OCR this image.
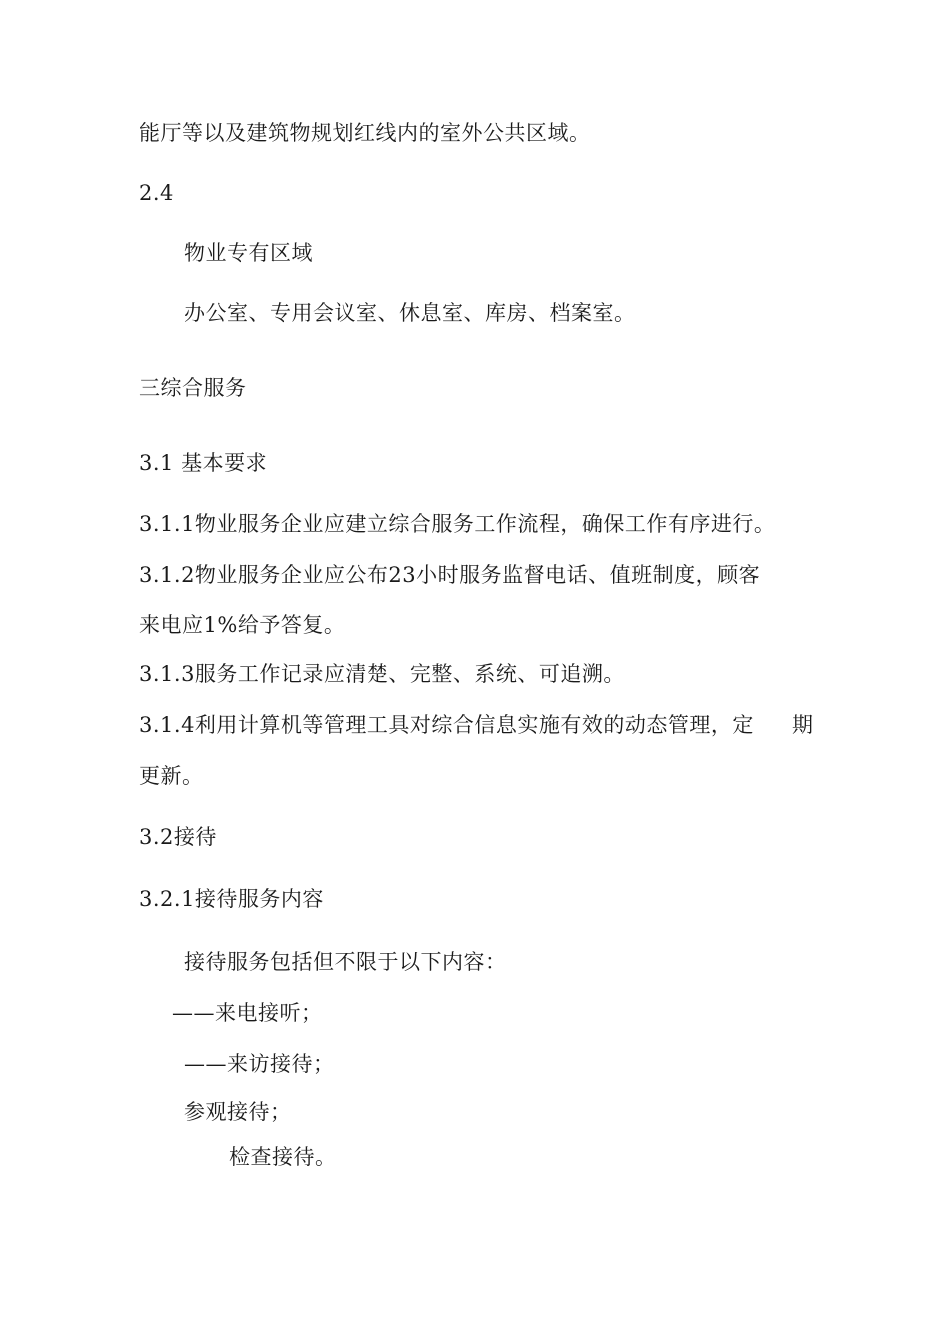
能厅等以及建筑物规划红线内的室外公共区域。
2.4
物业专有区域
办公室、专用会议室、休息室、库房、档案室。
三综合服务
3.1 基本要求
3.1.1物业服务企业应建立综合服务工作流程，确保工作有序进行。
3.1.2物业服务企业应公布23小时服务监督电话、值班制度，顾客
来电应1%给予答复。
3.1.3服务工作记录应清楚、完整、系统、可追溯。
3.1.4利用计算机等管理工具对综合信息实施有效的动态管理，定 期
更新。
3.2接待
3.2.1接待服务内容
接待服务包括但不限于以下内容：
——来电接听；
——来访接待；
参观接待；
检查接待。
